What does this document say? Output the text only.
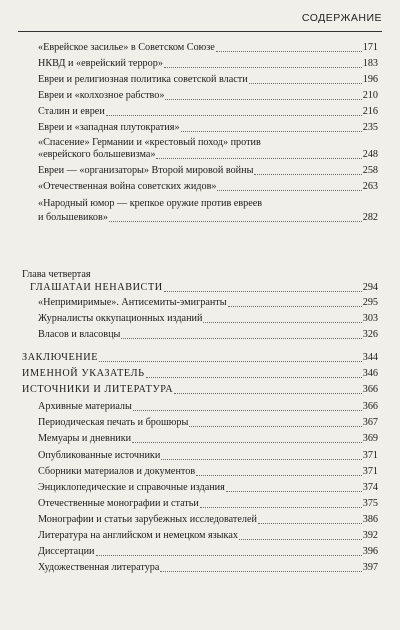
СОДЕРЖАНИЕ
«Еврейское засилье» в Советском Союзе	171
НКВД и «еврейский террор»	183
Евреи и религиозная политика советской власти	196
Евреи и «колхозное рабство»	210
Сталин и евреи	216
Евреи и «западная плутократия»	235
«Спасение» Германии и «крестовый поход» против
«еврейского большевизма»	248
Евреи — «организаторы» Второй мировой войны	258
«Отечественная война советских жидов»	263
«Народный юмор — крепкое оружие против евреев
и большевиков»	282
Глава четвертая
ГЛАШАТАИ НЕНАВИСТИ	294
«Непримиримые». Антисемиты-эмигранты	295
Журналисты оккупационных изданий	303
Власов и власовцы	326
ЗАКЛЮЧЕНИЕ	344
ИМЕННОЙ УКАЗАТЕЛЬ	346
ИСТОЧНИКИ И ЛИТЕРАТУРА	366
Архивные материалы	366
Периодическая печать и брошюры	367
Мемуары и дневники	369
Опубликованные источники	371
Сборники материалов и документов	371
Энциклопедические и справочные издания	374
Отечественные монографии и статьи	375
Монографии и статьи зарубежных исследователей	386
Литература на английском и немецком языках	392
Диссертации	396
Художественная литература	397
